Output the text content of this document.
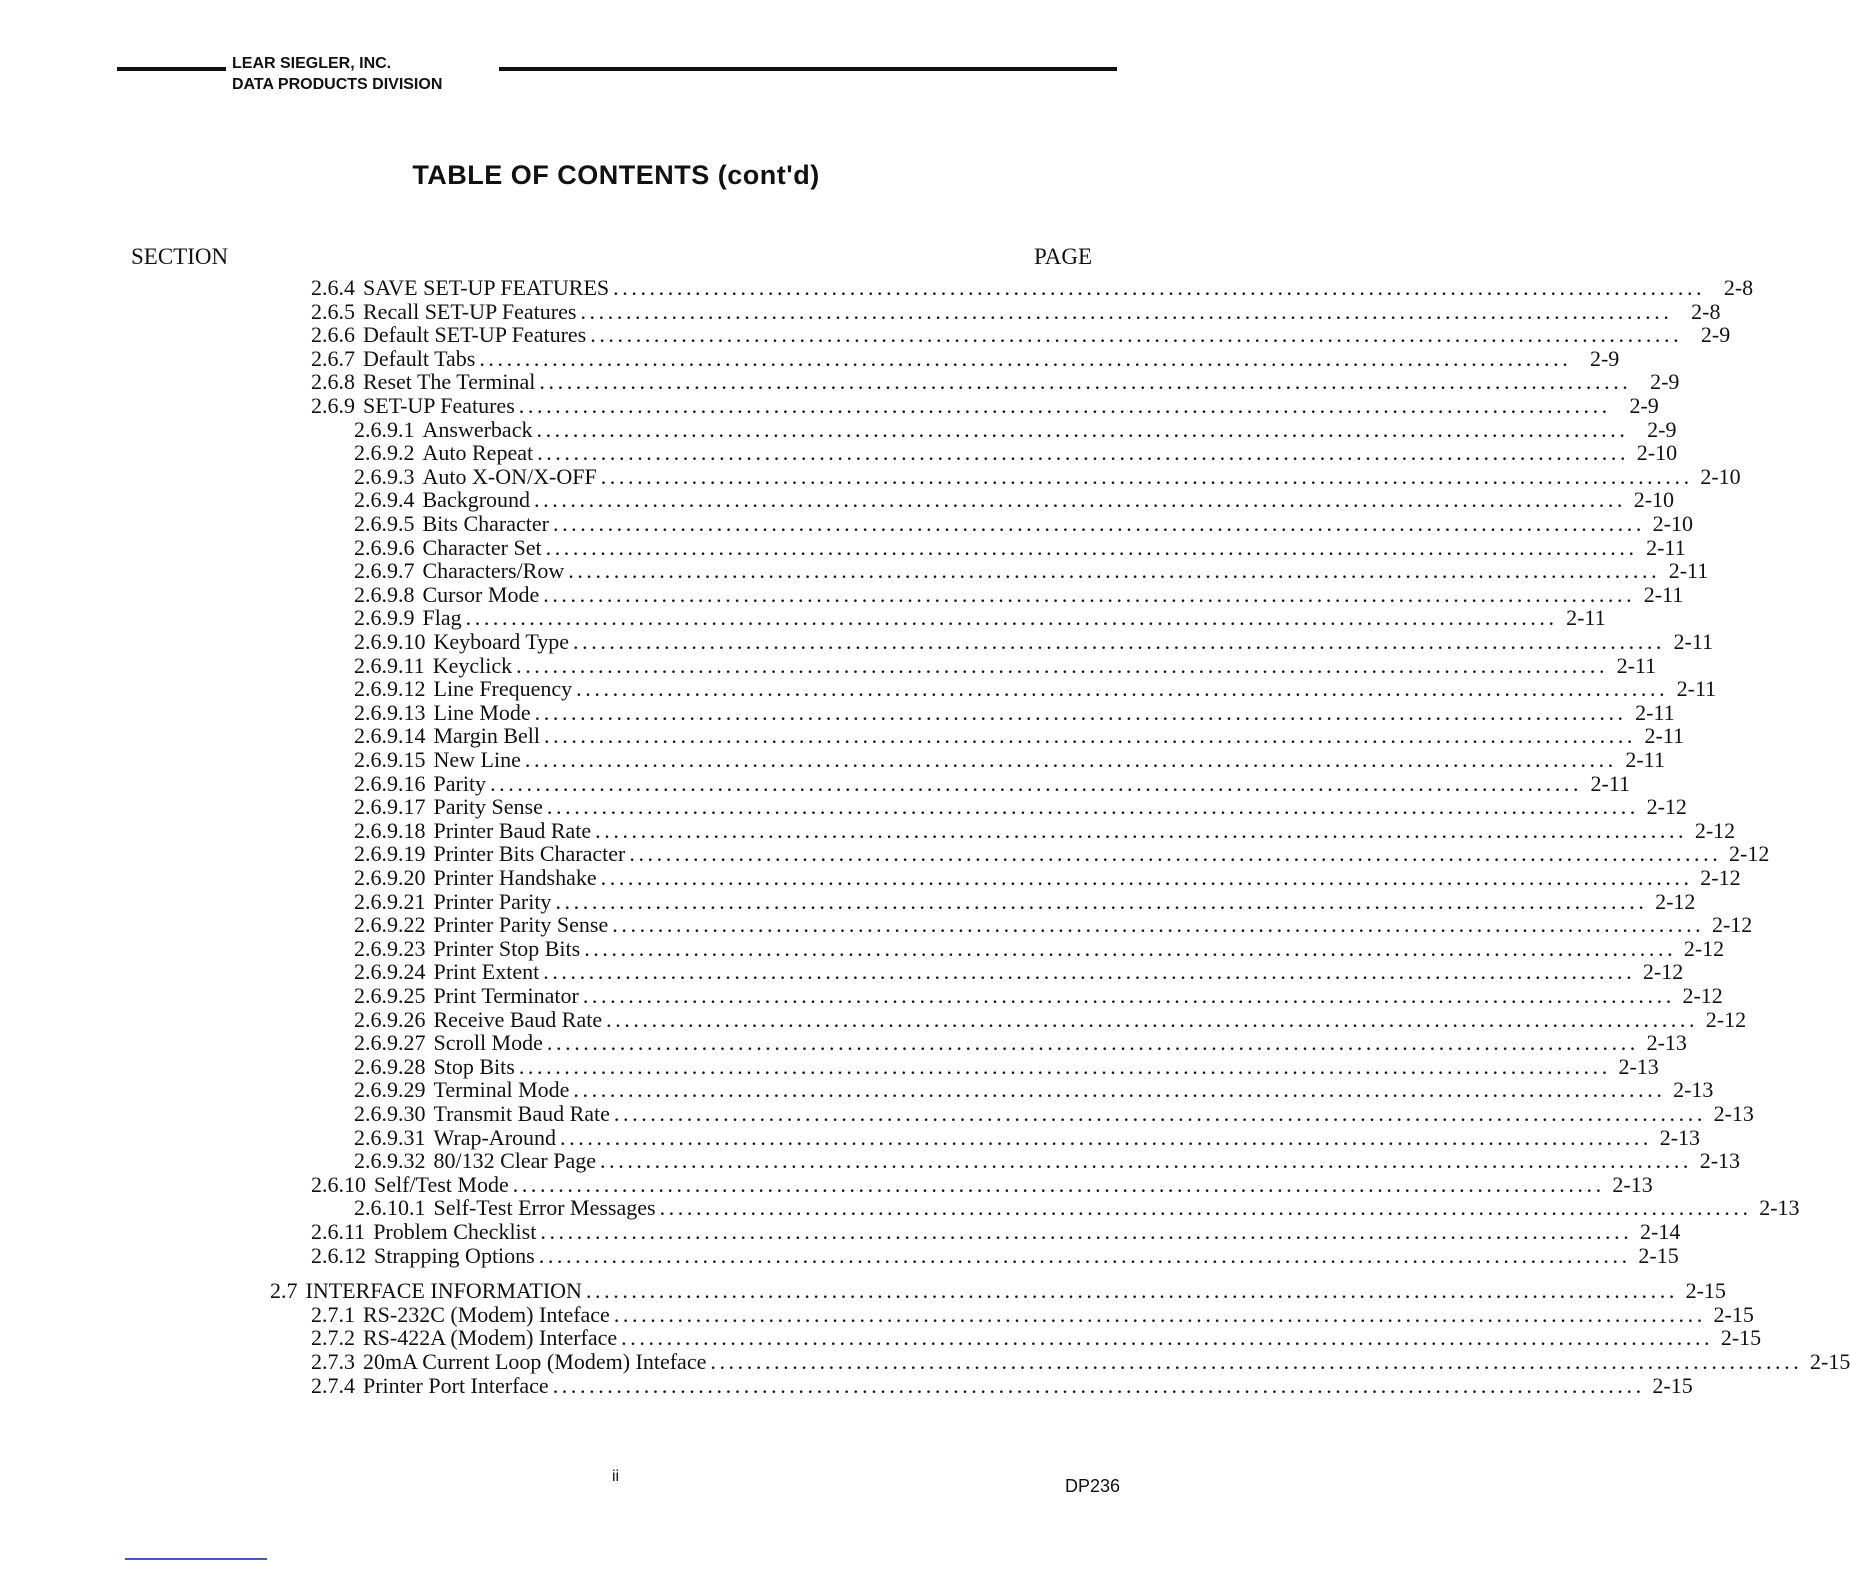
LEAR SIEGLER, INC.
DATA PRODUCTS DIVISION
TABLE OF CONTENTS (cont'd)
SECTION	PAGE
2.6.4 SAVE SET-UP FEATURES ........................................................................................................................ 2-8
2.6.5 Recall SET-UP Features ........................................................................................................................ 2-8
2.6.6 Default SET-UP Features ........................................................................................................................ 2-9
2.6.7 Default Tabs ........................................................................................................................ 2-9
2.6.8 Reset The Terminal ........................................................................................................................ 2-9
2.6.9 SET-UP Features ........................................................................................................................ 2-9
2.6.9.1 Answerback ........................................................................................................................ 2-9
2.6.9.2 Auto Repeat ........................................................................................................................ 2-10
2.6.9.3 Auto X-ON/X-OFF ........................................................................................................................ 2-10
2.6.9.4 Background ........................................................................................................................ 2-10
2.6.9.5 Bits Character ........................................................................................................................ 2-10
2.6.9.6 Character Set ........................................................................................................................ 2-11
2.6.9.7 Characters/Row ........................................................................................................................ 2-11
2.6.9.8 Cursor Mode ........................................................................................................................ 2-11
2.6.9.9 Flag ........................................................................................................................ 2-11
2.6.9.10 Keyboard Type ........................................................................................................................ 2-11
2.6.9.11 Keyclick ........................................................................................................................ 2-11
2.6.9.12 Line Frequency ........................................................................................................................ 2-11
2.6.9.13 Line Mode ........................................................................................................................ 2-11
2.6.9.14 Margin Bell ........................................................................................................................ 2-11
2.6.9.15 New Line ........................................................................................................................ 2-11
2.6.9.16 Parity ........................................................................................................................ 2-11
2.6.9.17 Parity Sense ........................................................................................................................ 2-12
2.6.9.18 Printer Baud Rate ........................................................................................................................ 2-12
2.6.9.19 Printer Bits Character ........................................................................................................................ 2-12
2.6.9.20 Printer Handshake ........................................................................................................................ 2-12
2.6.9.21 Printer Parity ........................................................................................................................ 2-12
2.6.9.22 Printer Parity Sense ........................................................................................................................ 2-12
2.6.9.23 Printer Stop Bits ........................................................................................................................ 2-12
2.6.9.24 Print Extent ........................................................................................................................ 2-12
2.6.9.25 Print Terminator ........................................................................................................................ 2-12
2.6.9.26 Receive Baud Rate ........................................................................................................................ 2-12
2.6.9.27 Scroll Mode ........................................................................................................................ 2-13
2.6.9.28 Stop Bits ........................................................................................................................ 2-13
2.6.9.29 Terminal Mode ........................................................................................................................ 2-13
2.6.9.30 Transmit Baud Rate ........................................................................................................................ 2-13
2.6.9.31 Wrap-Around ........................................................................................................................ 2-13
2.6.9.32 80/132 Clear Page ........................................................................................................................ 2-13
2.6.10 Self/Test Mode ........................................................................................................................ 2-13
2.6.10.1 Self-Test Error Messages ........................................................................................................................ 2-13
2.6.11 Problem Checklist ........................................................................................................................ 2-14
2.6.12 Strapping Options ........................................................................................................................ 2-15
2.7 INTERFACE INFORMATION ........................................................................................................................ 2-15
2.7.1 RS-232C (Modem) Inteface ........................................................................................................................ 2-15
2.7.2 RS-422A (Modem) Interface ........................................................................................................................ 2-15
2.7.3 20mA Current Loop (Modem) Inteface ........................................................................................................................ 2-15
2.7.4 Printer Port Interface ........................................................................................................................ 2-15
ii	DP236
